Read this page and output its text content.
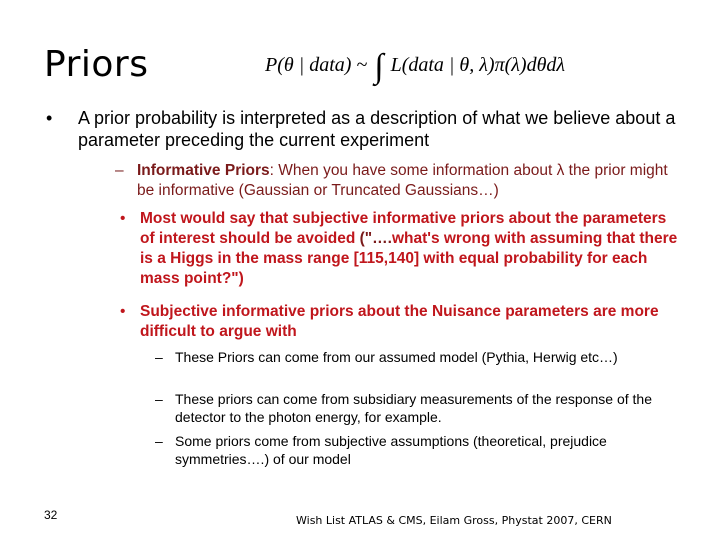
Priors	P(θ | data) ~ ∫ L(data | θ, λ)π(λ)dθdλ
• A prior probability is interpreted as a description of what we believe about a parameter preceding the current experiment
– Informative Priors: When you have some information about λ the prior might be informative (Gaussian or Truncated Gaussians…)
• Most would say that subjective informative priors about the parameters of interest should be avoided ("….what's wrong with assuming that there is a Higgs in the mass range [115,140] with equal probability for each mass point?")
• Subjective informative priors about the Nuisance parameters are more difficult to argue with
– These Priors can come from our assumed model (Pythia, Herwig etc…)
– These priors can come from subsidiary measurements of the response of the detector to the photon energy, for example.
– Some priors come from subjective assumptions (theoretical, prejudice symmetries….) of our model
32	Wish List ATLAS & CMS, Eilam Gross, Phystat 2007, CERN
